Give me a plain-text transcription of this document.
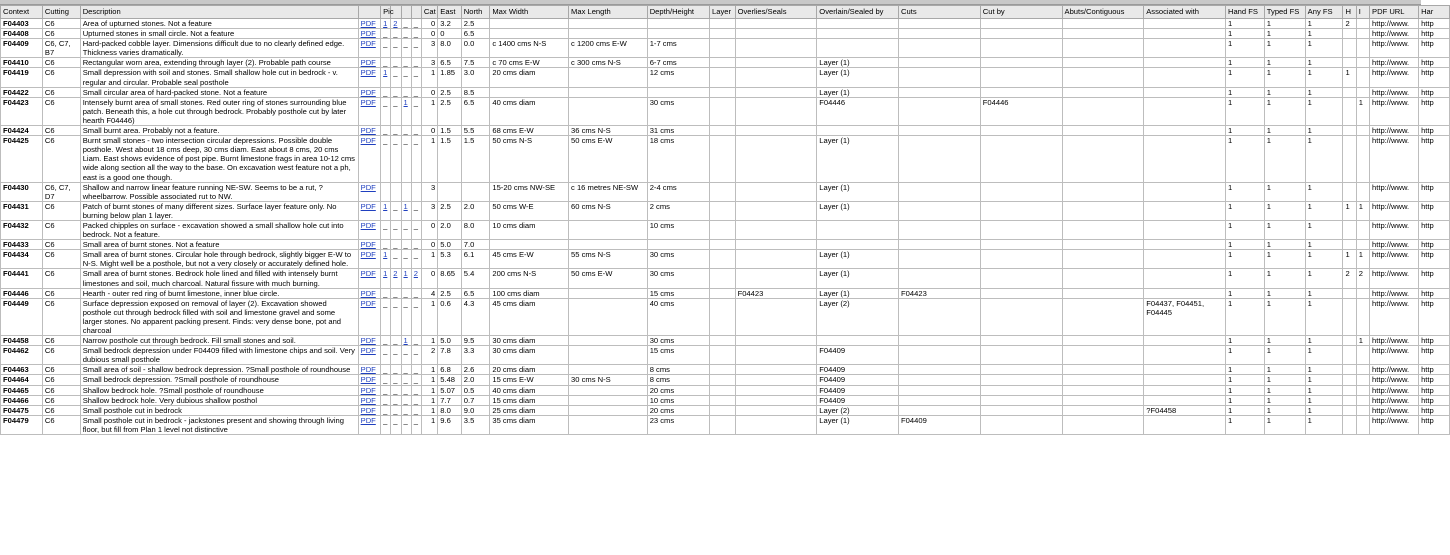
Context	Cutting	Description		Pic				Cat	East	North	Max Width	Max Length	Depth/Height	Layer	Overlies/Seals	Overlain/Sealed by	Cuts	Cut by	Abuts/Contiguous	Associated with	Hand FS	Typed FS	Any FS	H	I	PDF URL	Har
F04403	C6	Area of upturned stones. Not a feature	PDF	1	2	_	_	0	3.2	2.5											1	1	1	2		http://www.	http
F04408	C6	Upturned stones in small circle. Not a feature	PDF	_	_	_	_	0	0	6.5											1	1	1			http://www.	http
F04409	C6, C7, B7	Hard-packed cobble layer. Dimensions difficult due to no clearly defined edge. Thickness varies dramatically.	PDF	_	_	_	_	3	8.0	0.0	c 1400 cms N-S	c 1200 cms E-W	1-7 cms								1	1	1			http://www.	http
F04410	C6	Rectangular worn area, extending through layer (2). Probable path course	PDF	_	_	_	_	3	6.5	7.5	c 70 cms E-W	c 300 cms N-S	6-7 cms			Layer (1)					1	1	1			http://www.	http
F04419	C6	Small depression with soil and stones. Small shallow hole cut in bedrock - v. regular and circular. Probable seal posthole	PDF	1	_	_	_	1	1.85	3.0	20 cms diam		12 cms			Layer (1)					1	1	1	1		http://www.	http
F04422	C6	Small circular area of hard-packed stone. Not a feature	PDF	_	_	_	_	0	2.5	8.5						Layer (1)					1	1	1			http://www.	http
F04423	C6	Intensely burnt area of small stones. Red outer ring of stones surrounding blue patch. Beneath this, a hole cut through bedrock. Probably posthole cut by later hearth F04446)	PDF	_	_	1	_	1	2.5	6.5	40 cms diam		30 cms			F04446		F04446			1	1	1		1	http://www.	http
F04424	C6	Small burnt area. Probably not a feature.	PDF	_	_	_	_	0	1.5	5.5	68 cms E-W	36 cms N-S	31 cms								1	1	1			http://www.	http
F04425	C6	Burnt small stones - two intersection circular depressions. Possible double posthole. West about 18 cms deep, 30 cms diam. East about 8 cms, 20 cms Liam. East shows evidence of post pipe. Burnt limestone frags in area 10-12 cms wide along section all the way to the base. On excavation west feature not a ph, east is a good one though.	PDF	_	_	_	_	1	1.5	1.5	50 cms N-S	50 cms E-W	18 cms			Layer (1)					1	1	1			http://www.	http
F04430	C6, C7, D7	Shallow and narrow linear feature running NE-SW. Seems to be a rut, ? wheelbarrow. Possible associated rut to NW.	PDF					3			15-20 cms NW-SE	c 16 metres NE-SW	2-4 cms			Layer (1)					1	1	1			http://www.	http
F04431	C6	Patch of burnt stones of many different sizes. Surface layer feature only. No burning below plan 1 layer.	PDF	1	_	1	_	3	2.5	2.0	50 cms W-E	60 cms N-S	2 cms			Layer (1)					1	1	1	1	1	http://www.	http
F04432	C6	Packed chipples on surface - excavation showed a small shallow hole cut into bedrock. Not a feature.	PDF	_	_	_	_	0	2.0	8.0	10 cms diam		10 cms								1	1	1			http://www.	http
F04433	C6	Small area of burnt stones. Not a feature	PDF	_	_	_	_	0	5.0	7.0											1	1	1			http://www.	http
F04434	C6	Small area of burnt stones. Circular hole through bedrock, slightly bigger E-W to N-S. Might well be a posthole, but not a very closely or accurately defined hole.	PDF	1	_	_	_	1	5.3	6.1	45 cms E-W	55 cms N-S	30 cms			Layer (1)					1	1	1	1	1	http://www.	http
F04441	C6	Small area of burnt stones. Bedrock hole lined and filled with intensely burnt limestones and soil, much charcoal. Natural fissure with much burning.	PDF	1	2	1	2	0	8.65	5.4	200 cms N-S	50 cms E-W	30 cms			Layer (1)					1	1	1	2	2	http://www.	http
F04446	C6	Hearth - outer red ring of burnt limestone, inner blue circle.	PDF	_	_	_	_	4	2.5	6.5	100 cms diam		15 cms		F04423	Layer (1)	F04423				1	1	1			http://www.	http
F04449	C6	Surface depression exposed on removal of layer (2). Excavation showed posthole cut through bedrock filled with soil and limestone gravel and some larger stones. No apparent packing present. Finds: very dense bone, pot and charcoal	PDF	_	_	_	_	1	0.6	4.3	45 cms diam		40 cms			Layer (2)				F04437, F04451, F04445	1	1	1			http://www.	http
F04458	C6	Narrow posthole cut through bedrock. Fill small stones and soil.	PDF	_	_	1	_	1	5.0	9.5	30 cms diam		30 cms								1	1	1		1	http://www.	http
F04462	C6	Small bedrock depression under F04409 filled with limestone chips and soil. Very dubious small posthole	PDF	_	_	_	_	2	7.8	3.3	30 cms diam		15 cms			F04409					1	1	1			http://www.	http
F04463	C6	Small area of soil - shallow bedrock depression. ?Small posthole of roundhouse	PDF	_	_	_	_	1	6.8	2.6	20 cms diam		8 cms			F04409					1	1	1			http://www.	http
F04464	C6	Small bedrock depression. ?Small posthole of roundhouse	PDF	_	_	_	_	1	5.48	2.0	15 cms E-W	30 cms N-S	8 cms			F04409					1	1	1			http://www.	http
F04465	C6	Shallow bedrock hole. ?Small posthole of roundhouse	PDF	_	_	_	_	1	5.07	0.5	40 cms diam		20 cms			F04409					1	1	1			http://www.	http
F04466	C6	Shallow bedrock hole. Very dubious shallow posthol	PDF	_	_	_	_	1	7.7	0.7	15 cms diam		10 cms			F04409					1	1	1			http://www.	http
F04475	C6	Small posthole cut in bedrock	PDF	_	_	_	_	1	8.0	9.0	25 cms diam		20 cms			Layer (2)				?F04458	1	1	1			http://www.	http
F04479	C6	Small posthole cut in bedrock - jackstones present and showing through living floor, but fill from Plan 1 level not distinctive	PDF	_	_	_	_	1	9.6	3.5	35 cms diam		23 cms			Layer (1)	F04409				1	1	1			http://www.	http
